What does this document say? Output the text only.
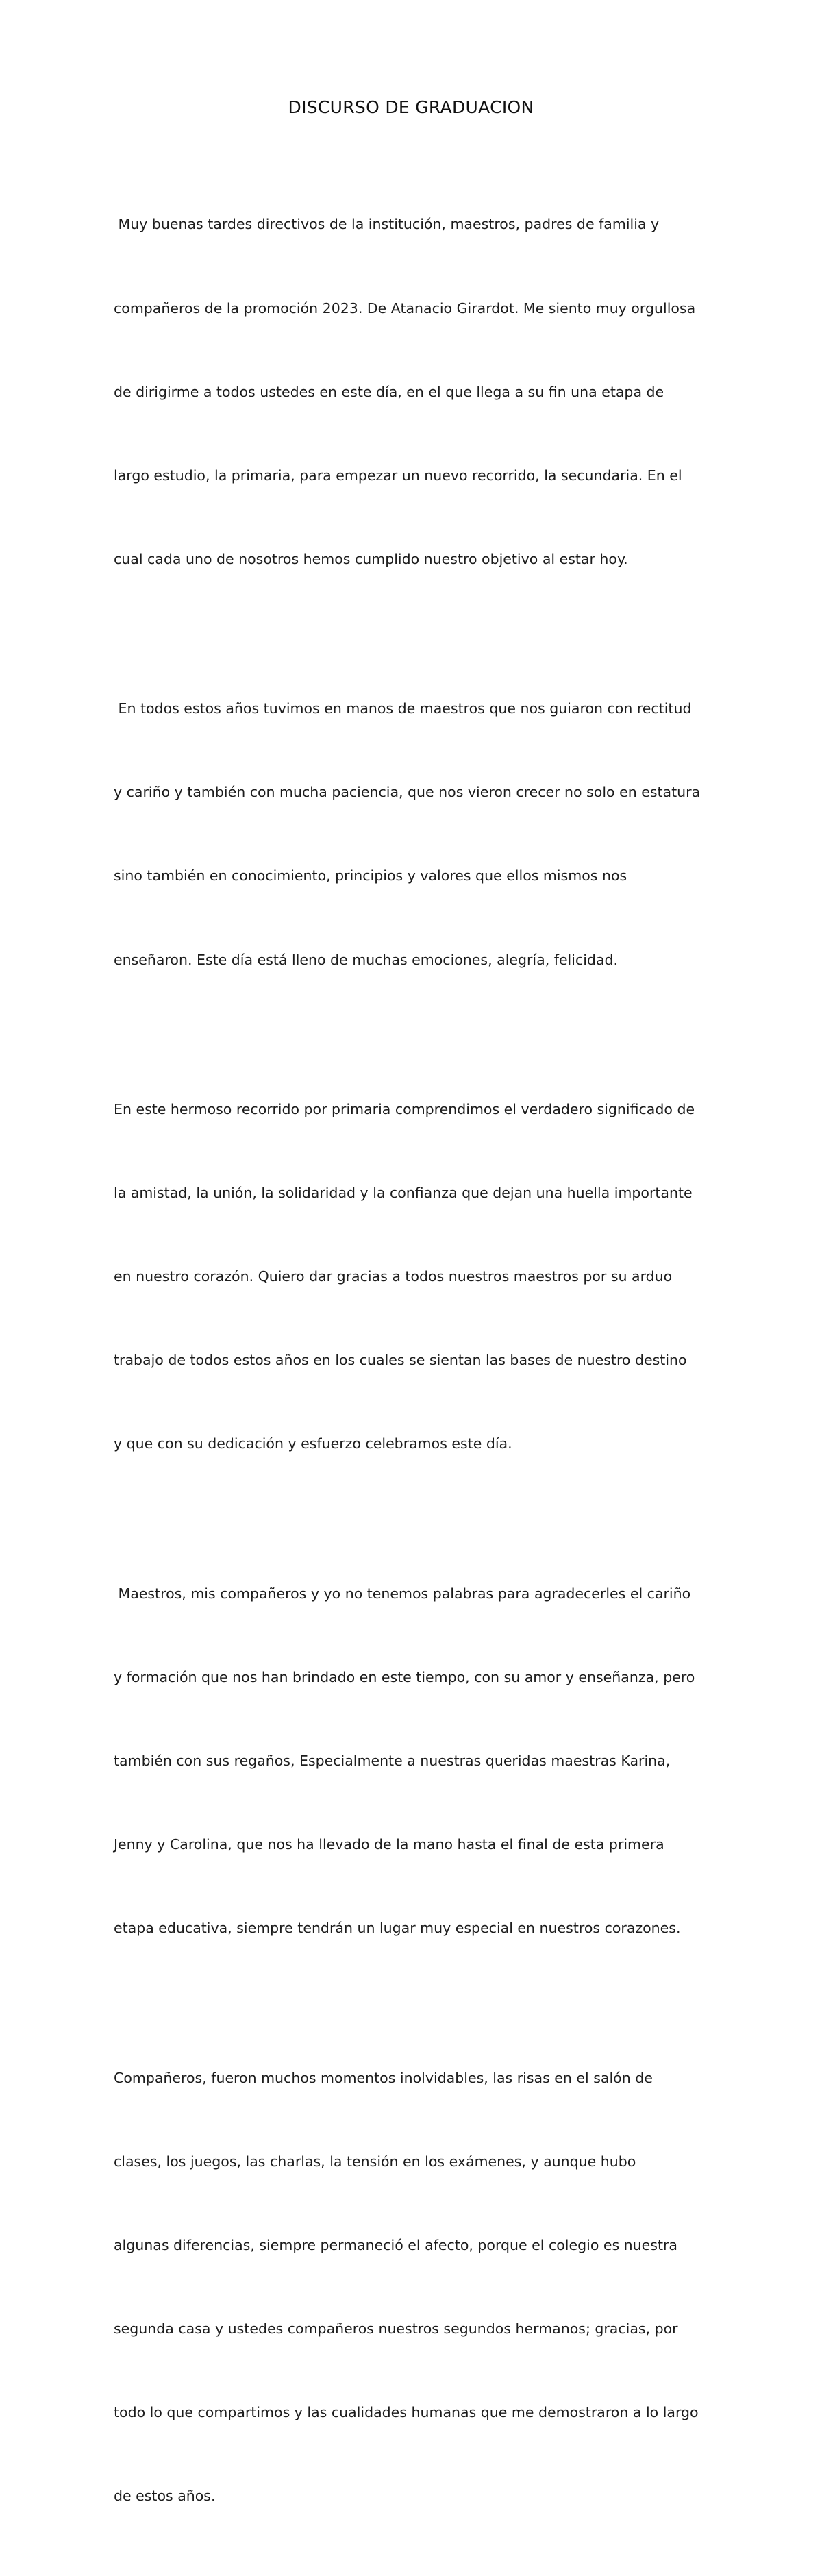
DISCURSO DE GRADUACION

Muy buenas tardes directivos de la institución, maestros, padres de familia y

compañeros de la promoción 2023. De Atanacio Girardot. Me siento muy orgullosa

de dirigirme a todos ustedes en este día, en el que llega a su fin una etapa de

largo estudio, la primaria, para empezar un nuevo recorrido, la secundaria. En el

cual cada uno de nosotros hemos cumplido nuestro objetivo al estar hoy.

En todos estos años tuvimos en manos de maestros que nos guiaron con rectitud

y cariño y también con mucha paciencia, que nos vieron crecer no solo en estatura

sino también en conocimiento, principios y valores que ellos mismos nos

enseñaron. Este día está lleno de muchas emociones, alegría, felicidad.

En este hermoso recorrido por primaria comprendimos el verdadero significado de

la amistad, la unión, la solidaridad y la confianza que dejan una huella importante

en nuestro corazón. Quiero dar gracias a todos nuestros maestros por su arduo

trabajo de todos estos años en los cuales se sientan las bases de nuestro destino

y que con su dedicación y esfuerzo celebramos este día.

Maestros, mis compañeros y yo no tenemos palabras para agradecerles el cariño

y formación que nos han brindado en este tiempo, con su amor y enseñanza, pero

también con sus regaños, Especialmente a nuestras queridas maestras Karina,

Jenny y Carolina, que nos ha llevado de la mano hasta el final de esta primera

etapa educativa, siempre tendrán un lugar muy especial en nuestros corazones.

Compañeros, fueron muchos momentos inolvidables, las risas en el salón de

clases, los juegos, las charlas, la tensión en los exámenes, y aunque hubo

algunas diferencias, siempre permaneció el afecto, porque el colegio es nuestra

segunda casa y ustedes compañeros nuestros segundos hermanos; gracias, por

todo lo que compartimos y las cualidades humanas que me demostraron a lo largo

de estos años.
